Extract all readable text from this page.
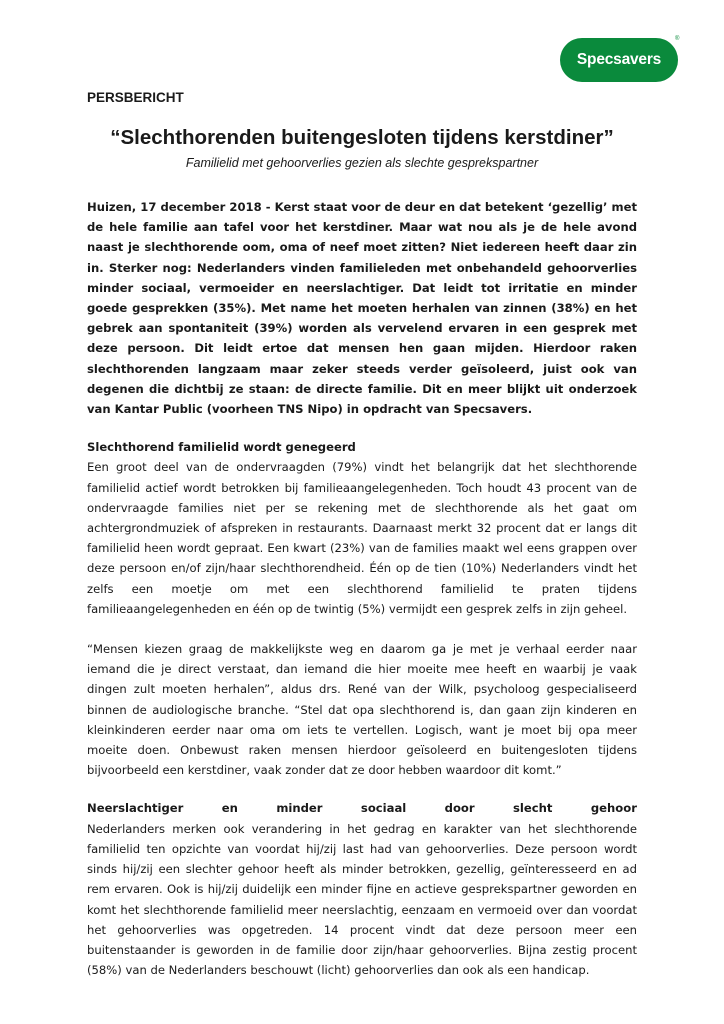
Specsavers
®
PERSBERICHT
“Slechthorenden buitengesloten tijdens kerstdiner”
Familielid met gehoorverlies gezien als slechte gesprekspartner

Huizen, 17 december 2018 - Kerst staat voor de deur en dat betekent ‘gezellig’ met de hele familie aan tafel voor het kerstdiner. Maar wat nou als je de hele avond naast je slechthorende oom, oma of neef moet zitten? Niet iedereen heeft daar zin in. Sterker nog: Nederlanders vinden familieleden met onbehandeld gehoorverlies minder sociaal, vermoeider en neerslachtiger. Dat leidt tot irritatie en minder goede gesprekken (35%). Met name het moeten herhalen van zinnen (38%) en het gebrek aan spontaniteit (39%) worden als vervelend ervaren in een gesprek met deze persoon. Dit leidt ertoe dat mensen hen gaan mijden. Hierdoor raken slechthorenden langzaam maar zeker steeds verder geïsoleerd, juist ook van degenen die dichtbij ze staan: de directe familie. Dit en meer blijkt uit onderzoek van Kantar Public (voorheen TNS Nipo) in opdracht van Specsavers.

Slechthorend familielid wordt genegeerd

Een groot deel van de ondervraagden (79%) vindt het belangrijk dat het slechthorende familielid actief wordt betrokken bij familieaangelegenheden. Toch houdt 43 procent van de ondervraagde families niet per se rekening met de slechthorende als het gaat om achtergrondmuziek of afspreken in restaurants. Daarnaast merkt 32 procent dat er langs dit familielid heen wordt gepraat. Een kwart (23%) van de families maakt wel eens grappen over deze persoon en/of zijn/haar slechthorendheid. Één op de tien (10%) Nederlanders vindt het zelfs een moetje om met een slechthorend familielid te praten tijdens familieaangelegenheden en één op de twintig (5%) vermijdt een gesprek zelfs in zijn geheel.

“Mensen kiezen graag de makkelijkste weg en daarom ga je met je verhaal eerder naar iemand die je direct verstaat, dan iemand die hier moeite mee heeft en waarbij je vaak dingen zult moeten herhalen”, aldus drs. René van der Wilk, psycholoog gespecialiseerd binnen de audiologische branche. “Stel dat opa slechthorend is, dan gaan zijn kinderen en kleinkinderen eerder naar oma om iets te vertellen. Logisch, want je moet bij opa meer moeite doen. Onbewust raken mensen hierdoor geïsoleerd en buitengesloten tijdens bijvoorbeeld een kerstdiner, vaak zonder dat ze door hebben waardoor dit komt.”

Neerslachtiger	en	minder	sociaal	door	slecht	gehoor

Nederlanders merken ook verandering in het gedrag en karakter van het slechthorende familielid ten opzichte van voordat hij/zij last had van gehoorverlies. Deze persoon wordt sinds hij/zij een slechter gehoor heeft als minder betrokken, gezellig, geïnteresseerd en ad rem ervaren. Ook is hij/zij duidelijk een minder fijne en actieve gesprekspartner geworden en komt het slechthorende familielid meer neerslachtig, eenzaam en vermoeid over dan voordat het gehoorverlies was opgetreden. 14 procent vindt dat deze persoon meer een buitenstaander is geworden in de familie door zijn/haar gehoorverlies. Bijna zestig procent (58%) van de Nederlanders beschouwt (licht) gehoorverlies dan ook als een handicap.
